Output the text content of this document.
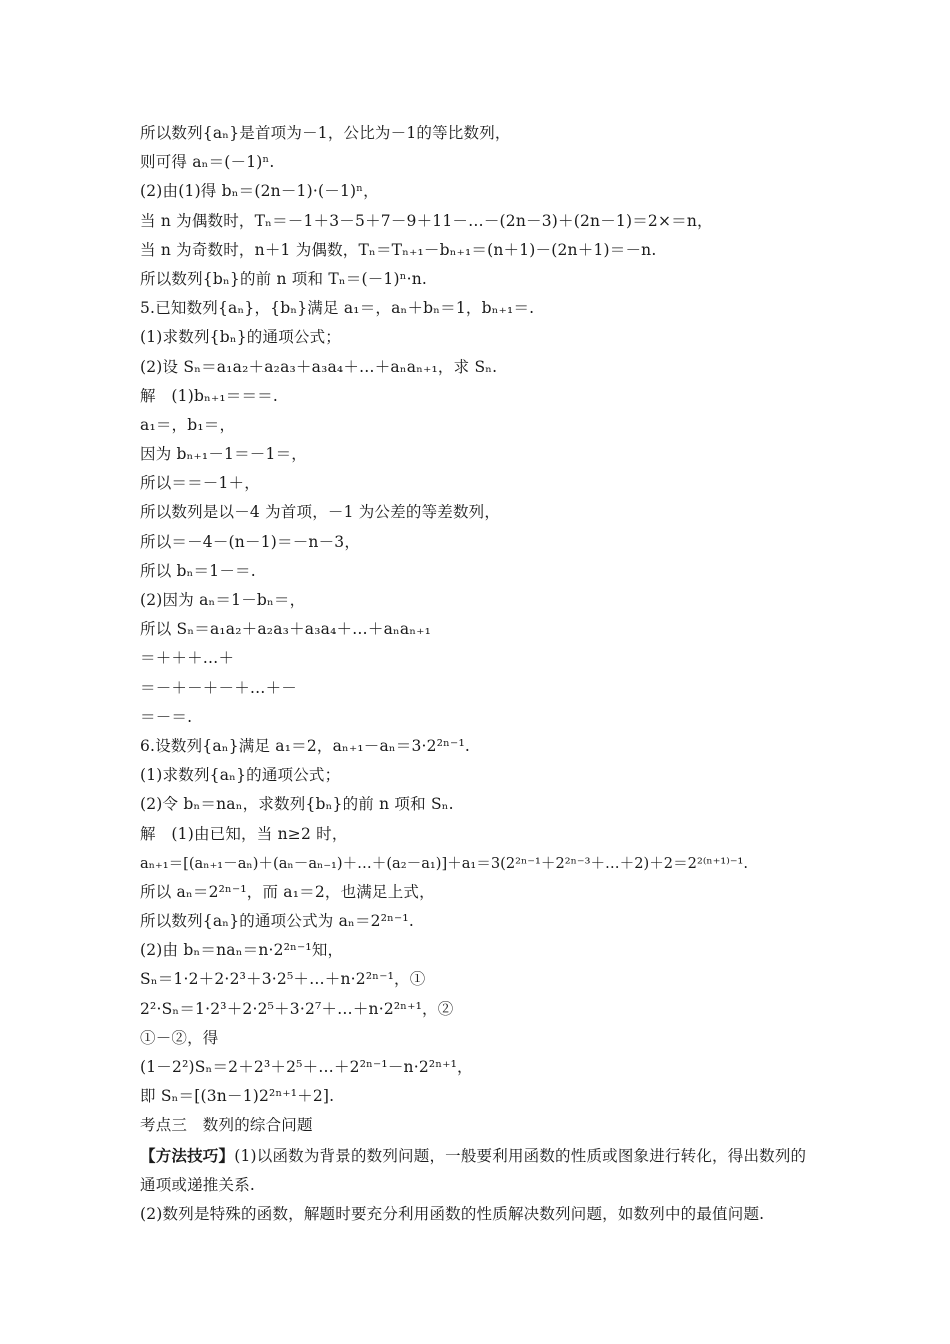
所以数列{aₙ}是首项为－1，公比为－1的等比数列，
则可得 aₙ＝(－1)ⁿ.
(2)由(1)得 bₙ＝(2n－1)·(－1)ⁿ，
当 n 为偶数时，Tₙ＝－1＋3－5＋7－9＋11－…－(2n－3)＋(2n－1)＝2×＝n，
当 n 为奇数时，n＋1 为偶数，Tₙ＝Tₙ₊₁－bₙ₊₁＝(n＋1)－(2n＋1)＝－n.
所以数列{bₙ}的前 n 项和 Tₙ＝(－1)ⁿ·n.
5.已知数列{aₙ}，{bₙ}满足 a₁＝，aₙ＋bₙ＝1，bₙ₊₁＝.
(1)求数列{bₙ}的通项公式；
(2)设 Sₙ＝a₁a₂＋a₂a₃＋a₃a₄＋…＋aₙaₙ₊₁，求 Sₙ.
解　(1)bₙ₊₁＝＝＝.
a₁＝，b₁＝，
因为 bₙ₊₁－1＝－1＝，
所以＝＝－1＋，
所以数列是以－4 为首项，－1 为公差的等差数列，
所以＝－4－(n－1)＝－n－3，
所以 bₙ＝1－＝.
(2)因为 aₙ＝1－bₙ＝，
所以 Sₙ＝a₁a₂＋a₂a₃＋a₃a₄＋…＋aₙaₙ₊₁
＝＋＋＋…＋
＝－＋－＋－＋…＋－
＝－＝.
6.设数列{aₙ}满足 a₁＝2，aₙ₊₁－aₙ＝3·2²ⁿ⁻¹.
(1)求数列{aₙ}的通项公式；
(2)令 bₙ＝naₙ，求数列{bₙ}的前 n 项和 Sₙ.
解　(1)由已知，当 n≥2 时，
aₙ₊₁＝[(aₙ₊₁－aₙ)＋(aₙ－aₙ₋₁)＋…＋(a₂－a₁)]＋a₁＝3(2²ⁿ⁻¹＋2²ⁿ⁻³＋…＋2)＋2＝2²⁽ⁿ⁺¹⁾⁻¹.
所以 aₙ＝2²ⁿ⁻¹，而 a₁＝2，也满足上式，
所以数列{aₙ}的通项公式为 aₙ＝2²ⁿ⁻¹.
(2)由 bₙ＝naₙ＝n·2²ⁿ⁻¹知，
Sₙ＝1·2＋2·2³＋3·2⁵＋…＋n·2²ⁿ⁻¹，①
2²·Sₙ＝1·2³＋2·2⁵＋3·2⁷＋…＋n·2²ⁿ⁺¹，②
①－②，得
(1－2²)Sₙ＝2＋2³＋2⁵＋…＋2²ⁿ⁻¹－n·2²ⁿ⁺¹，
即 Sₙ＝[(3n－1)2²ⁿ⁺¹＋2].
考点三　数列的综合问题
【方法技巧】(1)以函数为背景的数列问题，一般要利用函数的性质或图象进行转化，得出数列的通项或递推关系.
(2)数列是特殊的函数，解题时要充分利用函数的性质解决数列问题，如数列中的最值问题.
